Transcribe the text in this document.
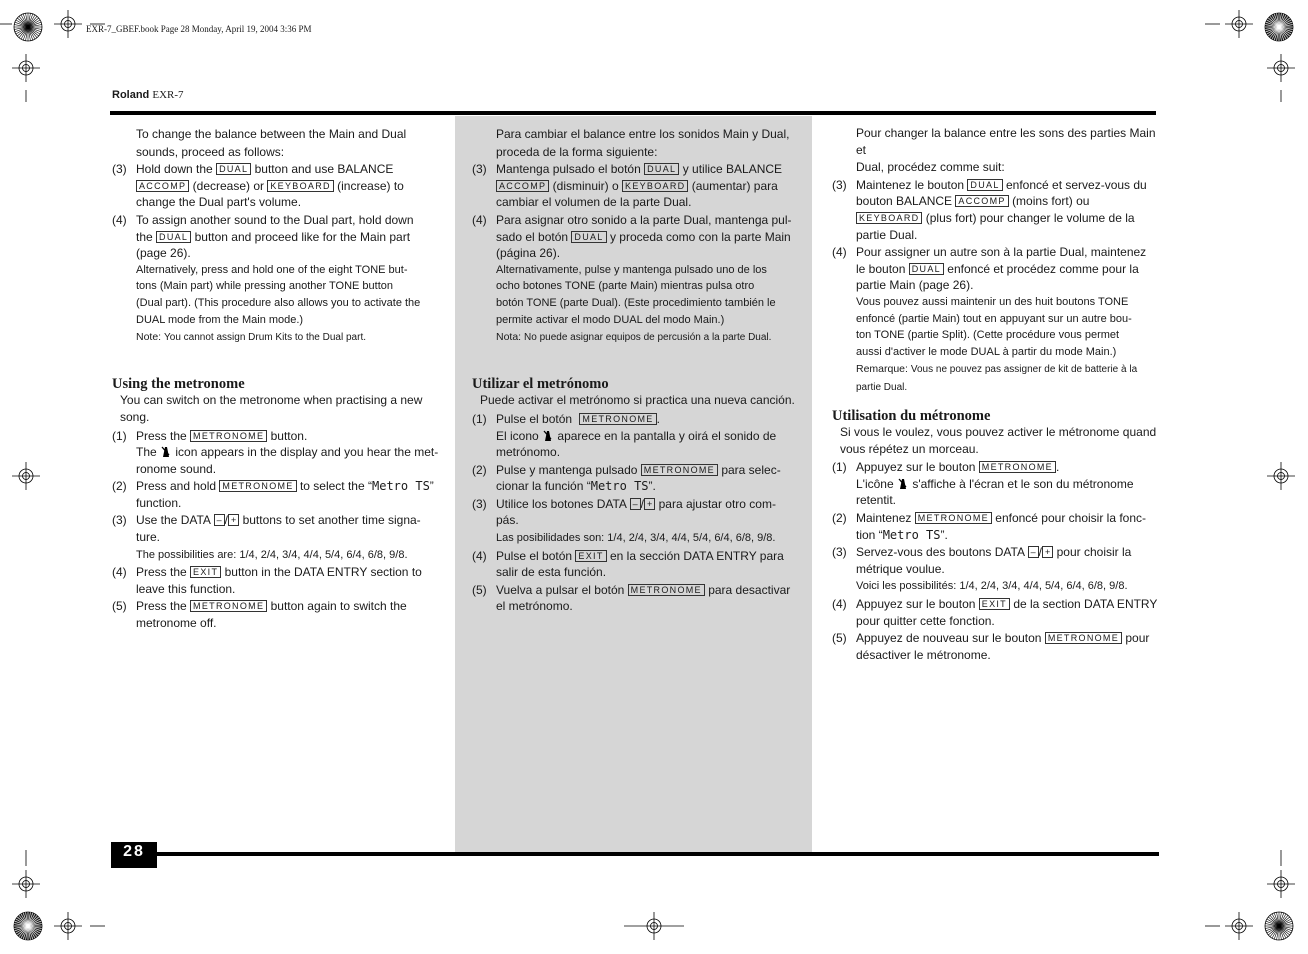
EXR-7_GBEF.book Page 28 Monday, April 19, 2004 3:36 PM
Roland EXR-7
28

To change the balance between the Main and Dual

sounds, proceed as follows:

(3) Hold down the DUAL button and use BALANCE
ACCOMP (decrease) or KEYBOARD (increase) to
change the Dual part's volume.
(4) To assign another sound to the Dual part, hold down
the DUAL button and proceed like for the Main part
(page 26).
Alternatively, press and hold one of the eight TONE but-
tons (Main part) while pressing another TONE button
(Dual part). (This procedure also allows you to activate the
DUAL mode from the Main mode.)
Note: You cannot assign Drum Kits to the Dual part.
Using the metronome
You can switch on the metronome when practising a new
song.
(1) Press the METRONOME button.
The icon appears in the display and you hear the met-
ronome sound.
(2) Press and hold METRONOME to select the “Metro TS” function.
(3) Use the DATA – / + buttons to set another time signa-
ture.
The possibilities are: 1/4, 2/4, 3/4, 4/4, 5/4, 6/4, 6/8, 9/8.
(4) Press the EXIT button in the DATA ENTRY section to
leave this function.
(5) Press the METRONOME button again to switch the
metronome off.

Para cambiar el balance entre los sonidos Main y Dual,

proceda de la forma siguiente:

(3) Mantenga pulsado el botón DUAL y utilice BALANCE
ACCOMP (disminuir) o KEYBOARD (aumentar) para
cambiar el volumen de la parte Dual.
(4) Para asignar otro sonido a la parte Dual, mantenga pul-
sado el botón DUAL y proceda como con la parte Main
(página 26).
Alternativamente, pulse y mantenga pulsado uno de los
ocho botones TONE (parte Main) mientras pulsa otro
botón TONE (parte Dual). (Este procedimiento también le
permite activar el modo DUAL del modo Main.)
Nota: No puede asignar equipos de percusión a la parte Dual.
Utilizar el metrónomo
Puede activar el metrónomo si practica una nueva canción.
(1) Pulse el botón METRONOME .
El icono aparece en la pantalla y oirá el sonido de
metrónomo.
(2) Pulse y mantenga pulsado METRONOME para selec-
cionar la función “Metro TS”.
(3) Utilice los botones DATA – / + para ajustar otro com-
pás.
Las posibilidades son: 1/4, 2/4, 3/4, 4/4, 5/4, 6/4, 6/8, 9/8.
(4) Pulse el botón EXIT en la sección DATA ENTRY para
salir de esta función.
(5) Vuelva a pulsar el botón METRONOME para desactivar
el metrónomo.

Pour changer la balance entre les sons des parties Main et

Dual, procédez comme suit:

(3) Maintenez le bouton DUAL enfoncé et servez-vous du
bouton BALANCE ACCOMP (moins fort) ou
KEYBOARD (plus fort) pour changer le volume de la
partie Dual.
(4) Pour assigner un autre son à la partie Dual, maintenez
le bouton DUAL enfoncé et procédez comme pour la
partie Main (page 26).
Vous pouvez aussi maintenir un des huit boutons TONE
enfoncé (partie Main) tout en appuyant sur un autre bou-
ton TONE (partie Split). (Cette procédure vous permet
aussi d'activer le mode DUAL à partir du mode Main.)
Remarque: Vous ne pouvez pas assigner de kit de batterie à la
partie Dual.
Utilisation du métronome
Si vous le voulez, vous pouvez activer le métronome quand
vous répétez un morceau.
(1) Appuyez sur le bouton METRONOME .
L'icône s'affiche à l'écran et le son du métronome
retentit.
(2) Maintenez METRONOME enfoncé pour choisir la fonc-
tion “Metro TS”.
(3) Servez-vous des boutons DATA – / + pour choisir la
métrique voulue.
Voici les possibilités: 1/4, 2/4, 3/4, 4/4, 5/4, 6/4, 6/8, 9/8.
(4) Appuyez sur le bouton EXIT de la section DATA ENTRY
pour quitter cette fonction.
(5) Appuyez de nouveau sur le bouton METRONOME pour
désactiver le métronome.
